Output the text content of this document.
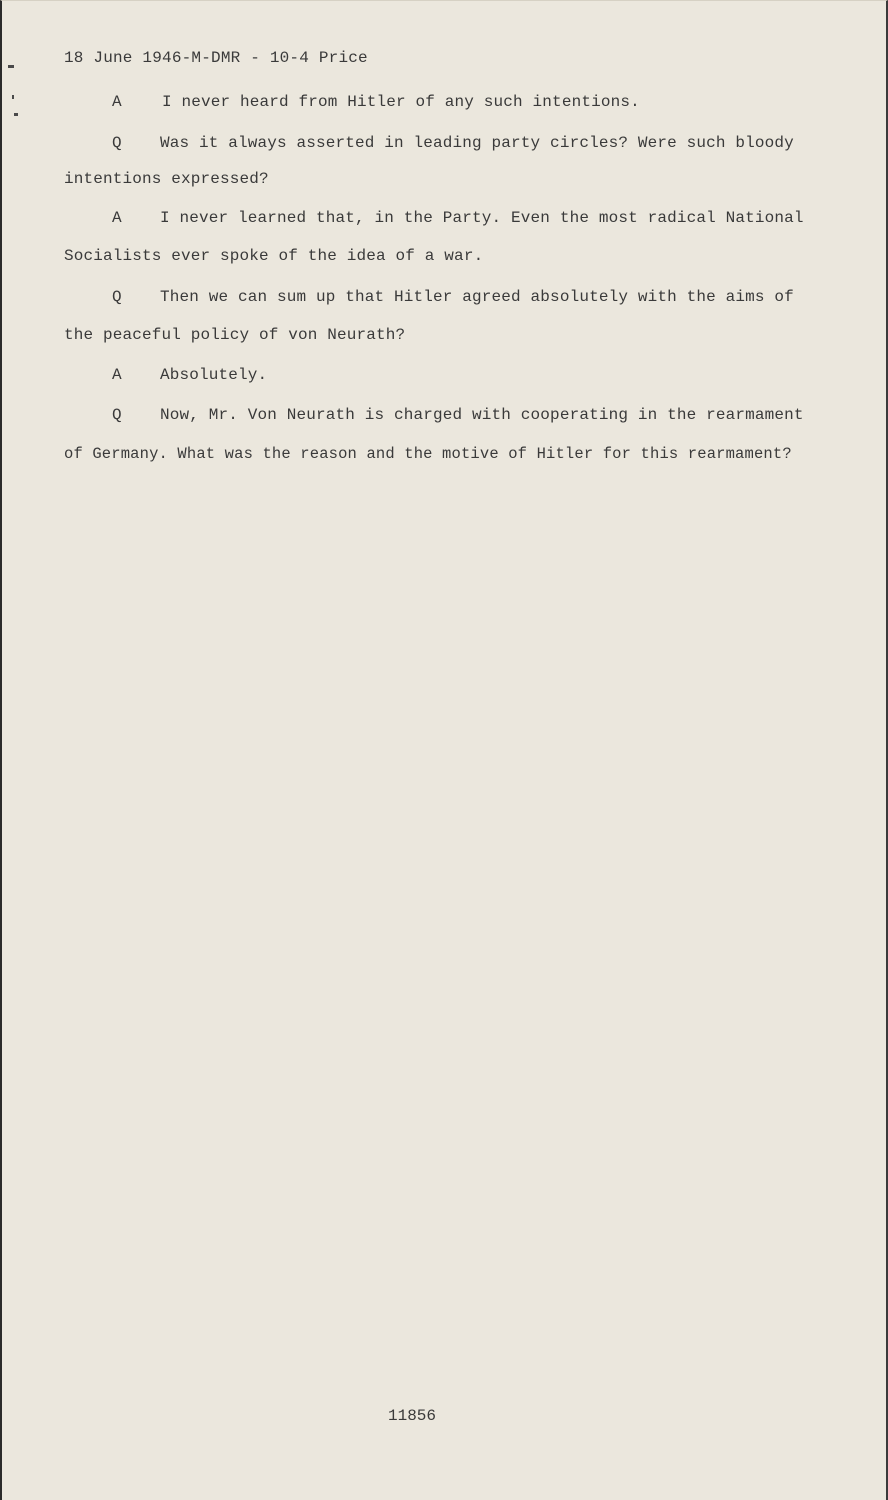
18 June 1946-M-DMR - 10-4 Price
A	I never heard from Hitler of any such intentions.
Q Was it always asserted in leading party circles? Were such bloody
intentions expressed?
A I never learned that, in the Party. Even the most radical National
Socialists ever spoke of the idea of a war.
Q Then we can sum up that Hitler agreed absolutely with the aims of
the peaceful policy of von Neurath?
A Absolutely.
Q Now, Mr. Von Neurath is charged with cooperating in the rearmament
of Germany. What was the reason and the motive of Hitler for this rearmament?
11856
